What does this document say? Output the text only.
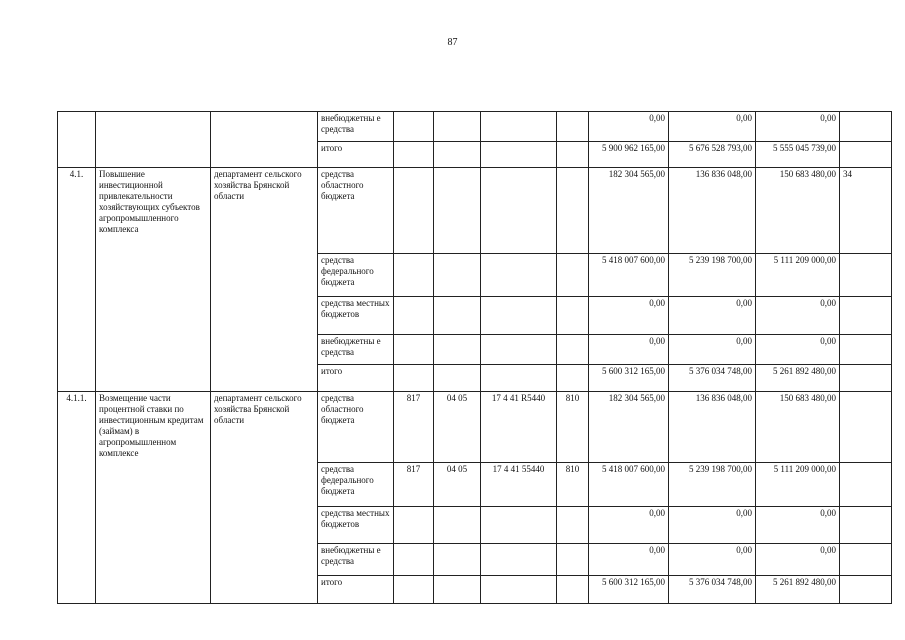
87
			внебюджетны е средства					0,00	0,00	0,00	
			итого					5 900 962 165,00	5 676 528 793,00	5 555 045 739,00	
4.1.	Повышение инвестиционной привлекательности хозяйствующих субъектов агропромышленного комплекса	департамент сельского хозяйства Брянской области	средства областного бюджета					182 304 565,00	136 836 048,00	150 683 480,00	34
			средства федерального бюджета					5 418 007 600,00	5 239 198 700,00	5 111 209 000,00	
			средства местных бюджетов					0,00	0,00	0,00	
			внебюджетны е средства					0,00	0,00	0,00	
			итого					5 600 312 165,00	5 376 034 748,00	5 261 892 480,00	
4.1.1.	Возмещение части процентной ставки по инвестиционным кредитам (займам) в агропромышленном комплексе	департамент сельского хозяйства Брянской области	средства областного бюджета	817	04 05	17 4 41 R5440	810	182 304 565,00	136 836 048,00	150 683 480,00	
			средства федерального бюджета	817	04 05	17 4 41 55440	810	5 418 007 600,00	5 239 198 700,00	5 111 209 000,00	
			средства местных бюджетов					0,00	0,00	0,00	
			внебюджетны е средства					0,00	0,00	0,00	
			итого					5 600 312 165,00	5 376 034 748,00	5 261 892 480,00	
